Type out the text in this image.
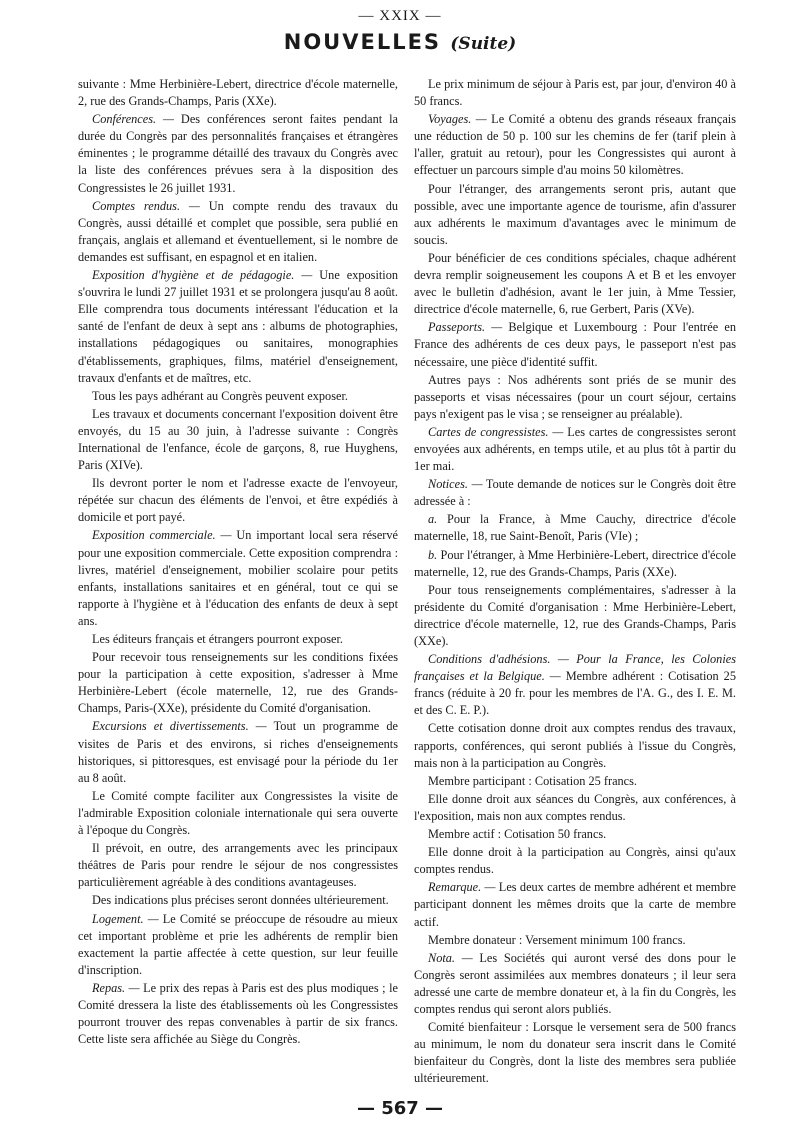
— XXIX —
NOUVELLES (Suite)

suivante : Mme Herbinière-Lebert, directrice d'école maternelle, 2, rue des Grands-Champs, Paris (XXe).

Conférences. — Des conférences seront faites pendant la durée du Congrès par des personnalités françaises et étrangères éminentes ; le programme détaillé des travaux du Congrès avec la liste des conférences prévues sera à la disposition des Congressistes le 26 juillet 1931.

Comptes rendus. — Un compte rendu des travaux du Congrès, aussi détaillé et complet que possible, sera publié en français, anglais et allemand et éventuellement, si le nombre de demandes est suffisant, en espagnol et en italien.

Exposition d'hygiène et de pédagogie. — Une exposition s'ouvrira le lundi 27 juillet 1931 et se prolongera jusqu'au 8 août. Elle comprendra tous documents intéressant l'éducation et la santé de l'enfant de deux à sept ans : albums de photographies, installations pédagogiques ou sanitaires, monographies d'établissements, graphiques, films, matériel d'enseignement, travaux d'enfants et de maîtres, etc.

Tous les pays adhérant au Congrès peuvent exposer.

Les travaux et documents concernant l'exposition doivent être envoyés, du 15 au 30 juin, à l'adresse suivante : Congrès International de l'enfance, école de garçons, 8, rue Huyghens, Paris (XIVe).

Ils devront porter le nom et l'adresse exacte de l'envoyeur, répétée sur chacun des éléments de l'envoi, et être expédiés à domicile et port payé.

Exposition commerciale. — Un important local sera réservé pour une exposition commerciale. Cette exposition comprendra : livres, matériel d'enseignement, mobilier scolaire pour petits enfants, installations sanitaires et en général, tout ce qui se rapporte à l'hygiène et à l'éducation des enfants de deux à sept ans.

Les éditeurs français et étrangers pourront exposer.

Pour recevoir tous renseignements sur les conditions fixées pour la participation à cette exposition, s'adresser à Mme Herbinière-Lebert (école maternelle, 12, rue des Grands-Champs, Paris-(XXe), présidente du Comité d'organisation.

Excursions et divertissements. — Tout un programme de visites de Paris et des environs, si riches d'enseignements historiques, si pittoresques, est envisagé pour la période du 1er au 8 août.

Le Comité compte faciliter aux Congressistes la visite de l'admirable Exposition coloniale internationale qui sera ouverte à l'époque du Congrès.

Il prévoit, en outre, des arrangements avec les principaux théâtres de Paris pour rendre le séjour de nos congressistes particulièrement agréable à des conditions avantageuses.

Des indications plus précises seront données ultérieurement.

Logement. — Le Comité se préoccupe de résoudre au mieux cet important problème et prie les adhérents de remplir bien exactement la partie affectée à cette question, sur leur feuille d'inscription.

Repas. — Le prix des repas à Paris est des plus modiques ; le Comité dressera la liste des établissements où les Congressistes pourront trouver des repas convenables à partir de six francs. Cette liste sera affichée au Siège du Congrès.

Le prix minimum de séjour à Paris est, par jour, d'environ 40 à 50 francs.

Voyages. — Le Comité a obtenu des grands réseaux français une réduction de 50 p. 100 sur les chemins de fer (tarif plein à l'aller, gratuit au retour), pour les Congressistes qui auront à effectuer un parcours simple d'au moins 50 kilomètres.

Pour l'étranger, des arrangements seront pris, autant que possible, avec une importante agence de tourisme, afin d'assurer aux adhérents le maximum d'avantages avec le minimum de soucis.

Pour bénéficier de ces conditions spéciales, chaque adhérent devra remplir soigneusement les coupons A et B et les envoyer avec le bulletin d'adhésion, avant le 1er juin, à Mme Tessier, directrice d'école maternelle, 6, rue Gerbert, Paris (XVe).

Passeports. — Belgique et Luxembourg : Pour l'entrée en France des adhérents de ces deux pays, le passeport n'est pas nécessaire, une pièce d'identité suffit.

Autres pays : Nos adhérents sont priés de se munir des passeports et visas nécessaires (pour un court séjour, certains pays n'exigent pas le visa ; se renseigner au préalable).

Cartes de congressistes. — Les cartes de congressistes seront envoyées aux adhérents, en temps utile, et au plus tôt à partir du 1er mai.

Notices. — Toute demande de notices sur le Congrès doit être adressée à :

a. Pour la France, à Mme Cauchy, directrice d'école maternelle, 18, rue Saint-Benoît, Paris (VIe) ;

b. Pour l'étranger, à Mme Herbinière-Lebert, directrice d'école maternelle, 12, rue des Grands-Champs, Paris (XXe).

Pour tous renseignements complémentaires, s'adresser à la présidente du Comité d'organisation : Mme Herbinière-Lebert, directrice d'école maternelle, 12, rue des Grands-Champs, Paris (XXe).

Conditions d'adhésions. — Pour la France, les Colonies françaises et la Belgique. — Membre adhérent : Cotisation 25 francs (réduite à 20 fr. pour les membres de l'A. G., des I. E. M. et des C. E. P.).

Cette cotisation donne droit aux comptes rendus des travaux, rapports, conférences, qui seront publiés à l'issue du Congrès, mais non à la participation au Congrès.

Membre participant : Cotisation 25 francs.

Elle donne droit aux séances du Congrès, aux conférences, à l'exposition, mais non aux comptes rendus.

Membre actif : Cotisation 50 francs.

Elle donne droit à la participation au Congrès, ainsi qu'aux comptes rendus.

Remarque. — Les deux cartes de membre adhérent et membre participant donnent les mêmes droits que la carte de membre actif.

Membre donateur : Versement minimum 100 francs.

Nota. — Les Sociétés qui auront versé des dons pour le Congrès seront assimilées aux membres donateurs ; il leur sera adressé une carte de membre donateur et, à la fin du Congrès, les comptes rendus qui seront alors publiés.

Comité bienfaiteur : Lorsque le versement sera de 500 francs au minimum, le nom du donateur sera inscrit dans le Comité bienfaiteur du Congrès, dont la liste des membres sera publiée ultérieurement.

— 567 —
